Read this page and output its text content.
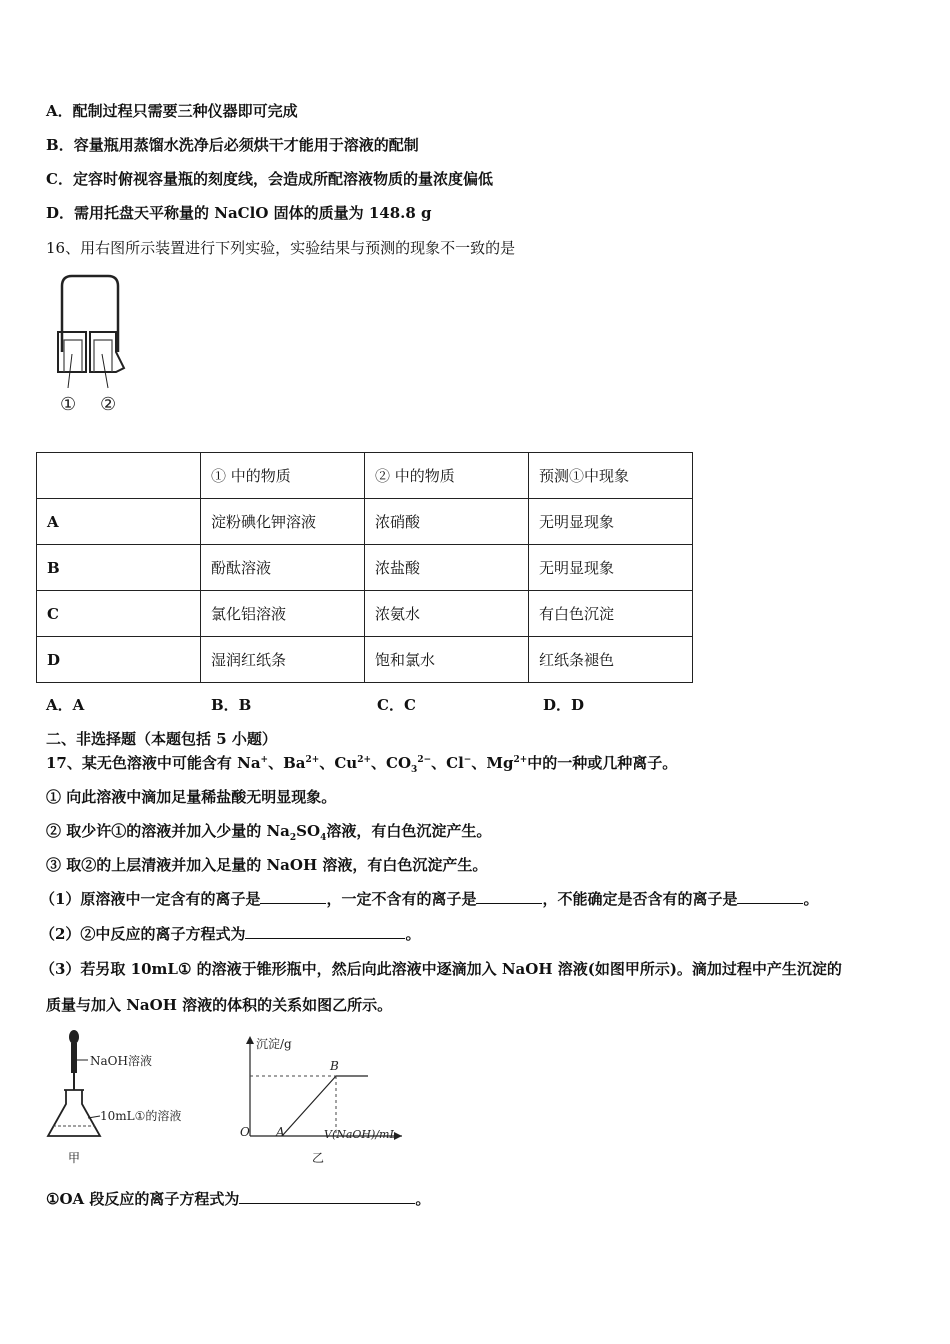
A．配制过程只需要三种仪器即可完成
B．容量瓶用蒸馏水洗净后必须烘干才能用于溶液的配制
C．定容时俯视容量瓶的刻度线，会造成所配溶液物质的量浓度偏低
D．需用托盘天平称量的 NaClO 固体的质量为 148.8 g
16、用右图所示装置进行下列实验，实验结果与预测的现象不一致的是
① ②
	① 中的物质	② 中的物质	预测①中现象
A	淀粉碘化钾溶液	浓硝酸	无明显现象
B	酚酞溶液	浓盐酸	无明显现象
C	氯化铝溶液	浓氨水	有白色沉淀
D	湿润红纸条	饱和氯水	红纸条褪色
A．A	B．B	C．C	D．D
二、非选择题（本题包括 5 小题）
17、某无色溶液中可能含有 Na+、$Ba^{2+}$、$Cu^{2+}$、$CO_3^{2-}$、Cl−、$Mg^{2+}$中的一种或几种离子。
① 向此溶液中滴加足量稀盐酸无明显现象。
② 取少许①的溶液并加入少量的 $Na_2SO_4$溶液，有白色沉淀产生。
③ 取②的上层清液并加入足量的 NaOH 溶液，有白色沉淀产生。
（1）原溶液中一定含有的离子是	，一定不含有的离子是	，不能确定是否含有的离子是	。
（2）②中反应的离子方程式为	。
（3）若另取 10mL① 的溶液于锥形瓶中，然后向此溶液中逐滴加入 NaOH 溶液(如图甲所示)。滴加过程中产生沉淀的
质量与加入 NaOH 溶液的体积的关系如图乙所示。
NaOH溶液
10mL①的溶液
甲
沉淀/g
B
O A	V(NaOH)/mL
乙
①OA 段反应的离子方程式为	。
